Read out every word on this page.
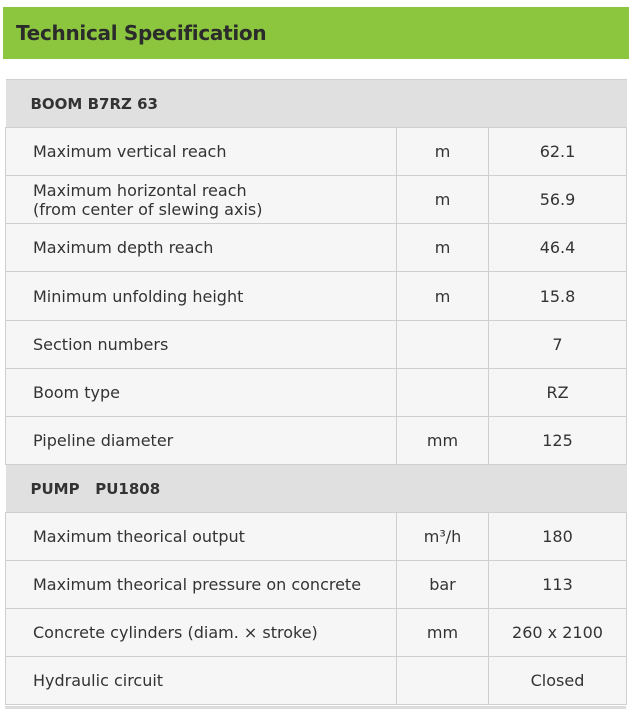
Technical Specification
BOOM B7RZ 63		
Maximum vertical reach	m	62.1

Maximum horizontal reach
(from center of slewing axis)	m	56.9
Maximum depth reach	m	46.4
Minimum unfolding height	m	15.8
Section numbers		7
Boom type		RZ
Pipeline diameter	mm	125
PUMP   PU1808		
Maximum theorical output	m³/h	180
Maximum theorical pressure on concrete	bar	113
Concrete cylinders (diam. × stroke)	mm	260 x 2100
Hydraulic circuit		Closed
